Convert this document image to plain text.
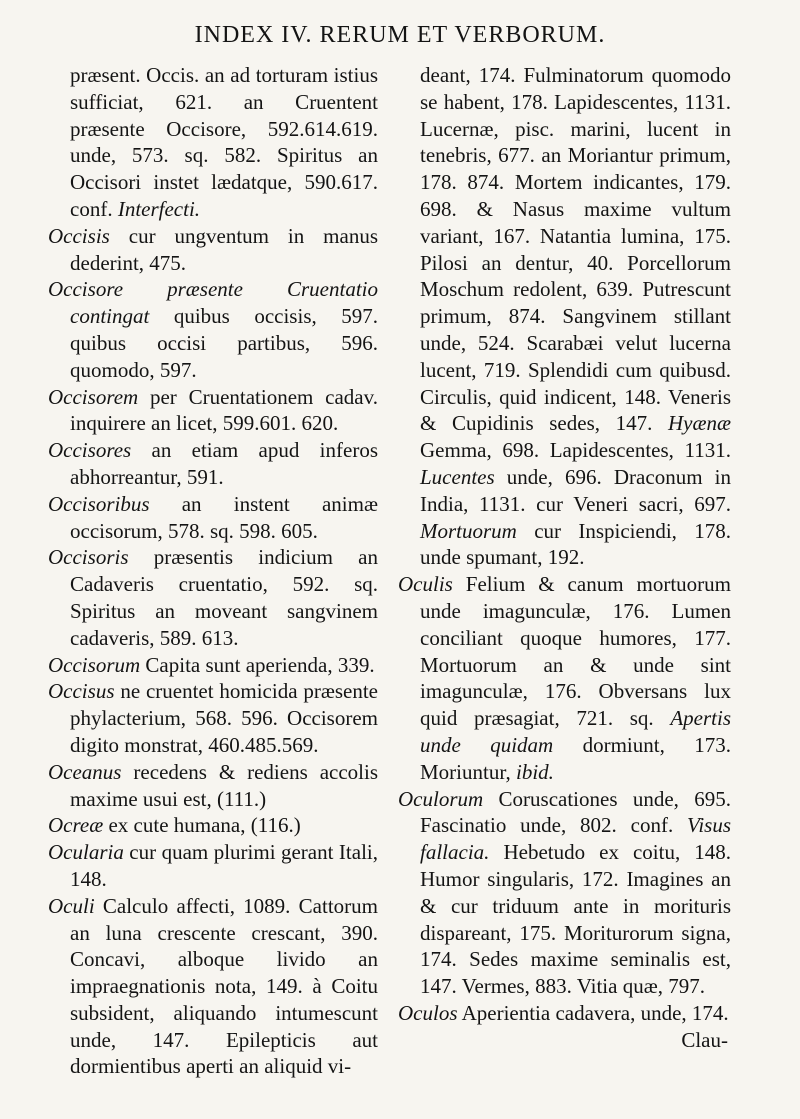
INDEX IV. RERUM ET VERBORUM.

præsent. Occis. an ad torturam istius sufficiat, 621. an Cruentent præsente Occisore, 592.614.619. unde, 573. sq. 582. Spiritus an Occisori instet lædatque, 590.617. conf. Interfecti.

Occisis cur ungventum in manus dederint, 475.

Occisore præsente Cruentatio contingat quibus occisis, 597. quibus occisi partibus, 596. quomodo, 597.

Occisorem per Cruentationem cadav. inquirere an licet, 599.601. 620.

Occisores an etiam apud inferos abhorreantur, 591.

Occisoribus an instent animæ occisorum, 578. sq. 598. 605.

Occisoris præsentis indicium an Cadaveris cruentatio, 592. sq. Spiritus an moveant sangvinem cadaveris, 589. 613.

Occisorum Capita sunt aperienda, 339.

Occisus ne cruentet homicida præsente phylacterium, 568. 596. Occisorem digito monstrat, 460.485.569.

Oceanus recedens & rediens accolis maxime usui est, (111.)

Ocreæ ex cute humana, (116.)

Ocularia cur quam plurimi gerant Itali, 148.

Oculi Calculo affecti, 1089. Cattorum an luna crescente crescant, 390. Concavi, alboque livido an impraegnationis nota, 149. à Coitu subsident, aliquando intumescunt unde, 147. Epilepticis aut dormientibus aperti an aliquid vi-

deant, 174. Fulminatorum quomodo se habent, 178. Lapidescentes, 1131. Lucernæ, pisc. marini, lucent in tenebris, 677. an Moriantur primum, 178. 874. Mortem indicantes, 179. 698. & Nasus maxime vultum variant, 167. Natantia lumina, 175. Pilosi an dentur, 40. Porcellorum Moschum redolent, 639. Putrescunt primum, 874. Sangvinem stillant unde, 524. Scarabæi velut lucerna lucent, 719. Splendidi cum quibusd. Circulis, quid indicent, 148. Veneris & Cupidinis sedes, 147. Hyænæ Gemma, 698. Lapidescentes, 1131. Lucentes unde, 696. Draconum in India, 1131. cur Veneri sacri, 697. Mortuorum cur Inspiciendi, 178. unde spumant, 192.

Oculis Felium & canum mortuorum unde imagunculæ, 176. Lumen conciliant quoque humores, 177. Mortuorum an & unde sint imagunculæ, 176. Obversans lux quid præsagiat, 721. sq. Apertis unde quidam dormiunt, 173. Moriuntur, ibid.

Oculorum Coruscationes unde, 695. Fascinatio unde, 802. conf. Visus fallacia. Hebetudo ex coitu, 148. Humor singularis, 172. Imagines an & cur triduum ante in morituris dispareant, 175. Moriturorum signa, 174. Sedes maxime seminalis est, 147. Vermes, 883. Vitia quæ, 797.

Oculos Aperientia cadavera, unde, 174.

Clau-
